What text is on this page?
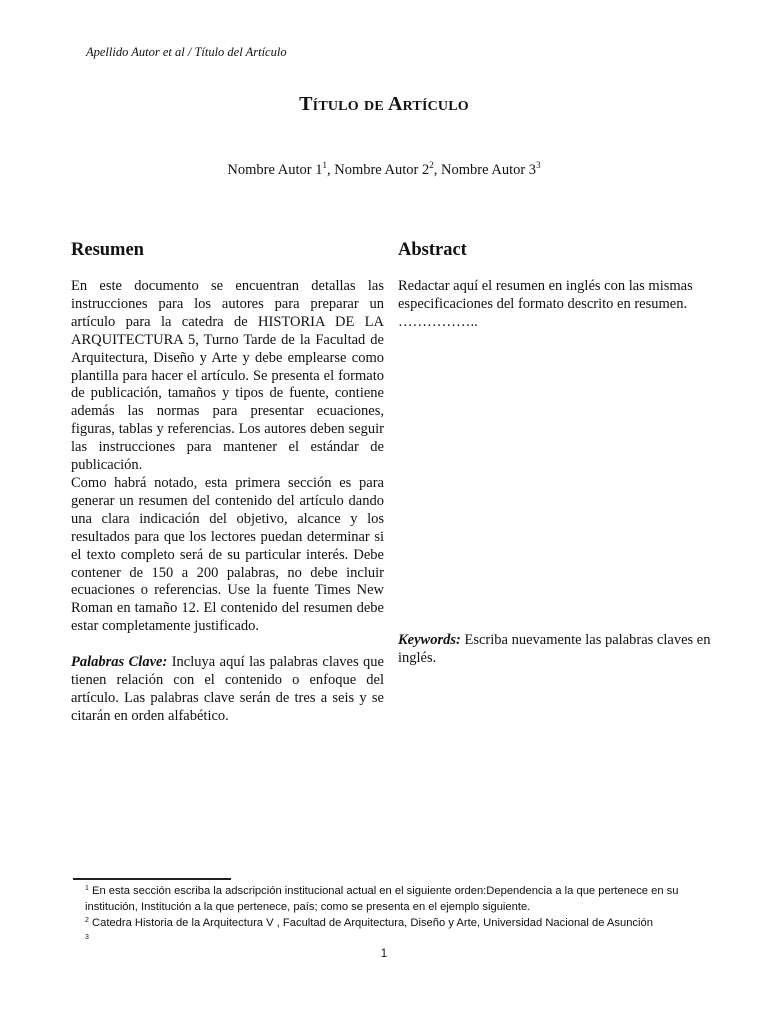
Apellido Autor et al / Título del Artículo
Título de Artículo
Nombre Autor $1^1$, Nombre Autor $2^2$, Nombre Autor $3^3$
Resumen

En este documento se encuentran detallas las instrucciones para los autores para preparar un artículo para la catedra de HISTORIA DE LA ARQUITECTURA 5, Turno Tarde de la Facultad de Arquitectura, Diseño y Arte y debe emplearse como plantilla para hacer el artículo. Se presenta el formato de publicación, tamaños y tipos de fuente, contiene además las normas para presentar ecuaciones, figuras, tablas y referencias. Los autores deben seguir las instrucciones para mantener el estándar de publicación.

Como habrá notado, esta primera sección es para generar un resumen del contenido del artículo dando una clara indicación del objetivo, alcance y los resultados para que los lectores puedan determinar si el texto completo será de su particular interés. Debe contener de 150 a 200 palabras, no debe incluir ecuaciones o referencias. Use la fuente Times New Roman en tamaño 12. El contenido del resumen debe estar completamente justificado.

Palabras Clave: Incluya aquí las palabras claves que tienen relación con el contenido o enfoque del artículo. Las palabras clave serán de tres a seis y se citarán en orden alfabético.

Abstract

Redactar aquí el resumen en inglés con las mismas especificaciones del formato descrito en resumen.

……………..

Keywords: Escriba nuevamente las palabras claves en inglés.

$^1$ En esta sección escriba la adscripción institucional actual en el siguiente orden:Dependencia a la que pertenece en su institución, Institución a la que pertenece, país; como se presenta en el ejemplo siguiente.
$^2$ Catedra Historia de la Arquitectura V , Facultad de Arquitectura, Diseño y Arte, Universidad Nacional de Asunción
$^3$
1
